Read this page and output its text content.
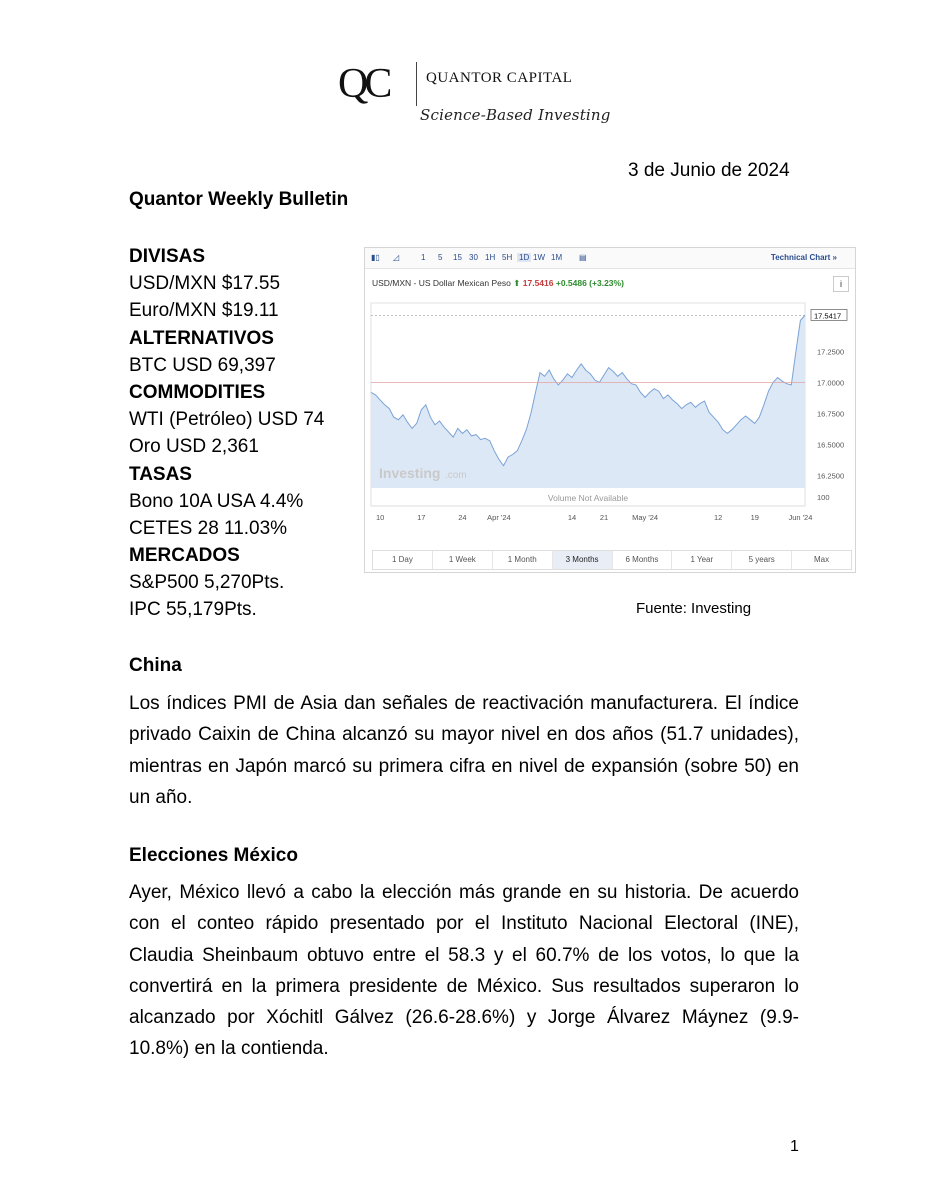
QC	QUANTOR CAPITAL
Science-Based Investing
3 de Junio de 2024
Quantor Weekly Bulletin
DIVISAS
USD/MXN $17.55
Euro/MXN $19.11
ALTERNATIVOS
BTC USD 69,397
COMMODITIES
WTI (Petróleo) USD 74
Oro USD 2,361
TASAS
Bono 10A USA 4.4%
CETES 28 11.03%
MERCADOS
S&P500 5,270Pts.
IPC 55,179Pts.
▮▯ ◿	1 5 15 30 1H 5H 1D 1W 1M ▤	Technical Chart »
USD/MXN - US Dollar Mexican Peso ⬆ 17.5416 +0.5486 (+3.23%)	i
Investing .com
Volume Not Available	100
17.2500
17.0000
16.7500
16.5000
16.2500
17.5417
10	17	24	Apr '24	14	21	May '24	12	19	Jun '24
1 Day	1 Week	1 Month	3 Months	6 Months	1 Year	5 years	Max
Fuente: Investing
China
Los índices PMI de Asia dan señales de reactivación manufacturera. El índice privado Caixin de China alcanzó su mayor nivel en dos años (51.7 unidades), mientras en Japón marcó su primera cifra en nivel de expansión (sobre 50) en un año.
Elecciones México
Ayer, México llevó a cabo la elección más grande en su historia. De acuerdo con el conteo rápido presentado por el Instituto Nacional Electoral (INE), Claudia Sheinbaum obtuvo entre el 58.3 y el 60.7% de los votos, lo que la convertirá en la primera presidente de México. Sus resultados superaron lo alcanzado por Xóchitl Gálvez (26.6-28.6%) y Jorge Álvarez Máynez (9.9-10.8%) en la contienda.
1
